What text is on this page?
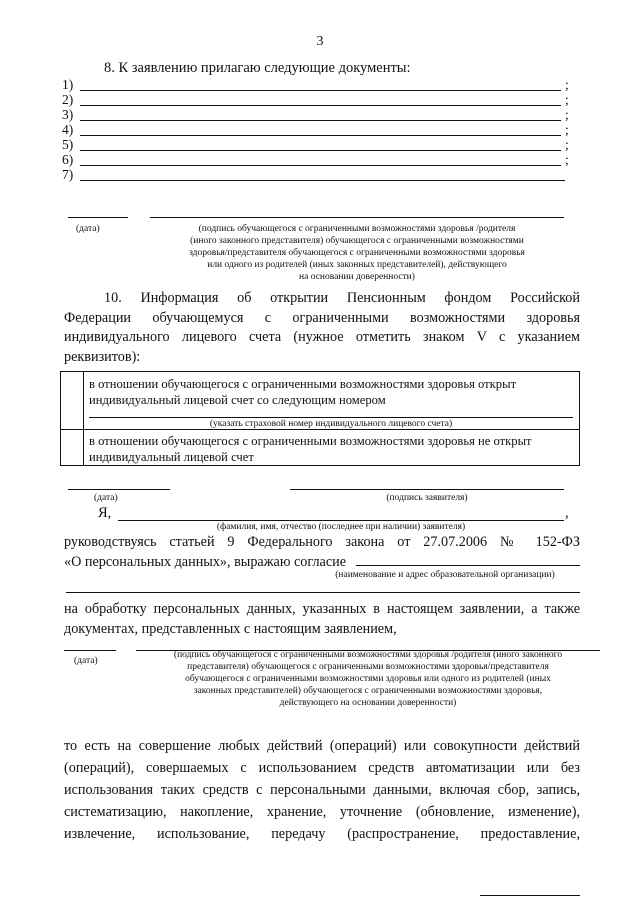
3
8. К заявлению прилагаю следующие документы:
1)	;
2)	;
3)	;
4)	;
5)	;
6)	;
7)
(дата)	(подпись обучающегося с ограниченными возможностями здоровья /родителя
(иного законного представителя) обучающегося с ограниченными возможностями
здоровья/представителя обучающегося с ограниченными возможностями здоровья
или одного из родителей (иных законных представителей), действующего
на основании доверенности)
10. Информация об открытии Пенсионным фондом Российской
Федерации обучающемуся с ограниченными возможностями здоровья
индивидуального лицевого счета (нужное отметить знаком V с указанием
реквизитов):
в отношении обучающегося с ограниченными возможностями здоровья открыт
индивидуальный лицевой счет со следующим номером
(указать страховой номер индивидуального лицевого счета)
в отношении обучающегося с ограниченными возможностями здоровья не открыт
индивидуальный лицевой счет
(дата)	(подпись заявителя)
Я,	,
(фамилия, имя, отчество (последнее при наличии) заявителя)
руководствуясь статьей 9 Федерального закона от 27.07.2006 № 152-ФЗ
«О персональных данных», выражаю согласие
(наименование и адрес образовательной организации)
на обработку персональных данных, указанных в настоящем заявлении, а также
документах, представленных с настоящим заявлением,
(дата)
(подпись обучающегося с ограниченными возможностями здоровья /родителя (иного законного
представителя) обучающегося с ограниченными возможностями здоровья/представителя
обучающегося с ограниченными возможностями здоровья или одного из родителей (иных
законных представителей) обучающегося с ограниченными возможностями здоровья,
действующего на основании доверенности)
то есть на совершение любых действий (операций) или совокупности действий
(операций), совершаемых с использованием средств автоматизации или без
использования таких средств с персональными данными, включая сбор, запись,
систематизацию, накопление, хранение, уточнение (обновление, изменение),
извлечение, использование, передачу (распространение, предоставление,
